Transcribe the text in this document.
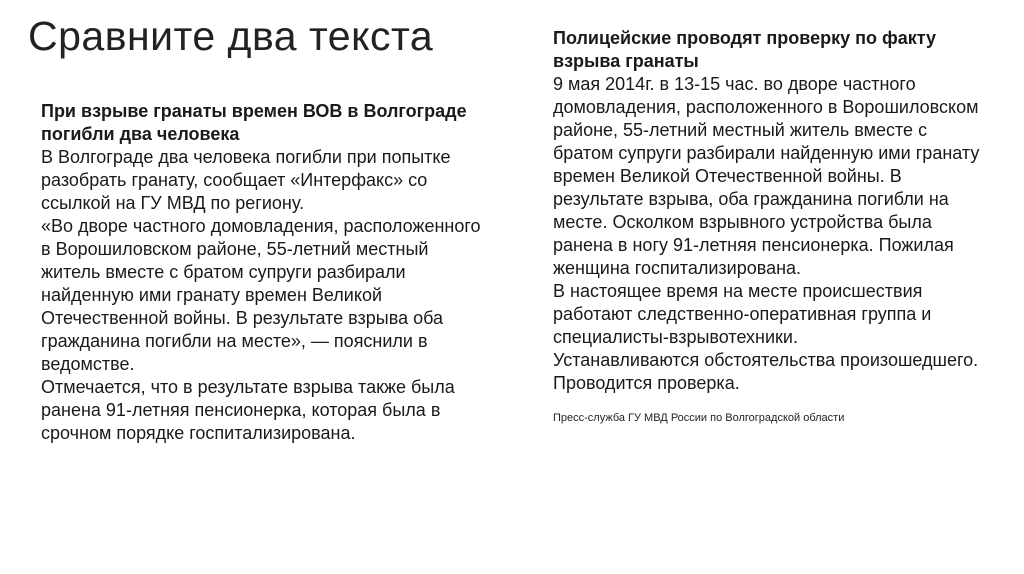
Сравните два текста

При взрыве гранаты времен ВОВ в Волгограде погибли два человека

В Волгограде два человека погибли при попытке разобрать гранату, сообщает «Интерфакс» со ссылкой на ГУ МВД по региону.

«Во дворе частного домовладения, расположенного в Ворошиловском районе, 55-летний местный житель вместе с братом супруги разбирали найденную ими гранату времен Великой Отечественной войны. В результате взрыва оба гражданина погибли на месте», — пояснили в ведомстве.

Отмечается, что в результате взрыва также была ранена 91-летняя пенсионерка, которая была в срочном порядке госпитализирована.

Полицейские проводят проверку по факту взрыва гранаты

9 мая 2014г. в 13-15 час. во дворе частного домовладения, расположенного в Ворошиловском районе, 55-летний местный житель вместе с братом супруги разбирали найденную ими гранату времен Великой Отечественной войны. В результате взрыва, оба гражданина погибли на месте. Осколком взрывного устройства была ранена в ногу 91-летняя пенсионерка. Пожилая женщина госпитализирована.

В настоящее время на месте происшествия работают следственно-оперативная группа и специалисты-взрывотехники.

Устанавливаются обстоятельства произошедшего. Проводится проверка.

Пресс-служба ГУ МВД России по Волгоградской области
